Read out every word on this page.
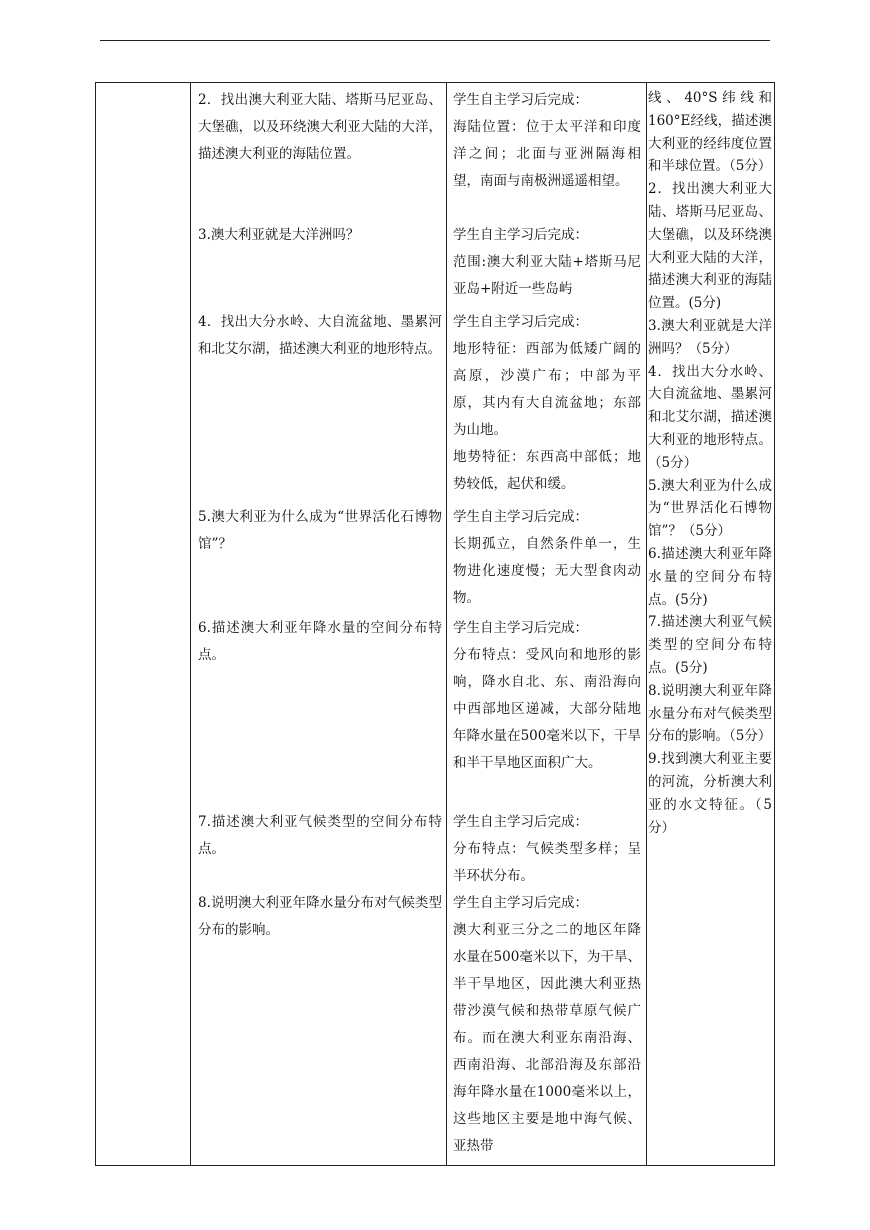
2．找出澳大利亚大陆、塔斯马尼亚岛、大堡礁，以及环绕澳大利亚大陆的大洋，描述澳大利亚的海陆位置。

3.澳大利亚就是大洋洲吗？

4．找出大分水岭、大自流盆地、墨累河和北艾尔湖，描述澳大利亚的地形特点。

5.澳大利亚为什么成为“世界活化石博物馆”？

6.描述澳大利亚年降水量的空间分布特点。

7.描述澳大利亚气候类型的空间分布特点。

8.说明澳大利亚年降水量分布对气候类型分布的影响。

学生自主学习后完成：

海陆位置：位于太平洋和印度洋之间；北面与亚洲隔海相望，南面与南极洲遥遥相望。

学生自主学习后完成：

范围:澳大利亚大陆+塔斯马尼亚岛+附近一些岛屿

学生自主学习后完成：

地形特征：西部为低矮广阔的高原，沙漠广布；中部为平原，其内有大自流盆地；东部为山地。

地势特征：东西高中部低；地势较低，起伏和缓。

学生自主学习后完成：

长期孤立，自然条件单一，生物进化速度慢；无大型食肉动物。

学生自主学习后完成：

分布特点：受风向和地形的影响，降水自北、东、南沿海向中西部地区递减，大部分陆地年降水量在500毫米以下，干旱和半干旱地区面积广大。

学生自主学习后完成：

分布特点：气候类型多样；呈半环状分布。

学生自主学习后完成：

澳大利亚三分之二的地区年降水量在500毫米以下，为干旱、半干旱地区，因此澳大利亚热带沙漠气候和热带草原气候广布。而在澳大利亚东南沿海、西南沿海、北部沿海及东部沿海年降水量在1000毫米以上，这些地区主要是地中海气候、亚热带

线、40°S纬线和160°E经线，描述澳大利亚的经纬度位置和半球位置。（5分）

2．找出澳大利亚大陆、塔斯马尼亚岛、大堡礁，以及环绕澳大利亚大陆的大洋，描述澳大利亚的海陆位置。(5分)

3.澳大利亚就是大洋洲吗？（5分）

4．找出大分水岭、大自流盆地、墨累河和北艾尔湖，描述澳大利亚的地形特点。（5分）

5.澳大利亚为什么成为“世界活化石博物馆”？（5分）

6.描述澳大利亚年降水量的空间分布特点。(5分)

7.描述澳大利亚气候类型的空间分布特点。(5分)

8.说明澳大利亚年降水量分布对气候类型分布的影响。（5分）

9.找到澳大利亚主要的河流，分析澳大利亚的水文特征。（5分）
